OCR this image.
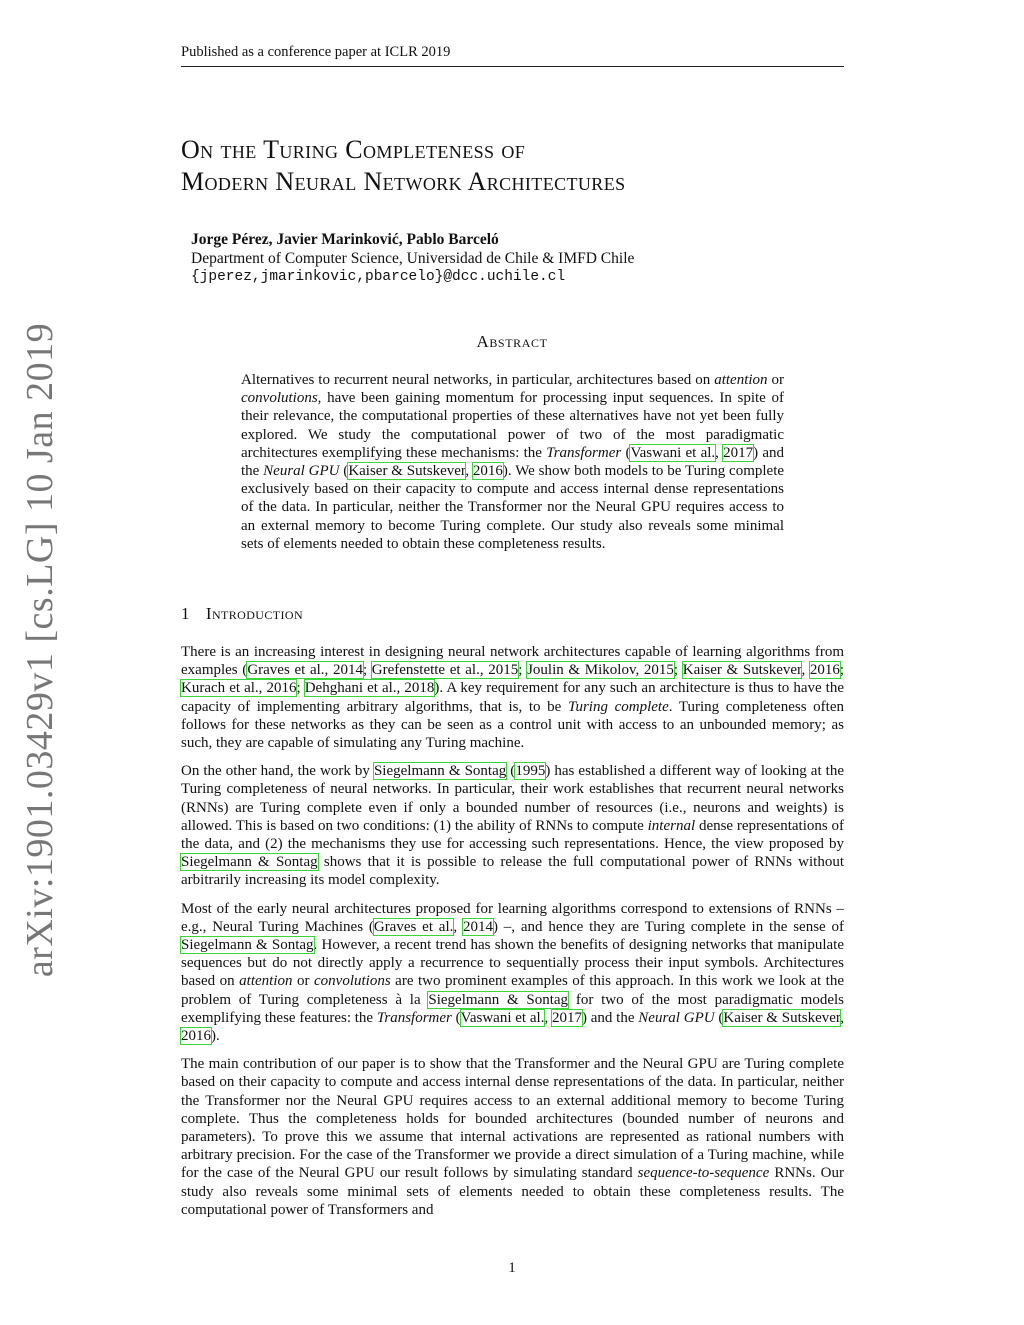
Published as a conference paper at ICLR 2019
arXiv:1901.03429v1 [cs.LG] 10 Jan 2019
On the Turing Completeness of
Modern Neural Network Architectures
Jorge Pérez, Javier Marinković, Pablo Barceló
Department of Computer Science, Universidad de Chile & IMFD Chile
{jperez,jmarinkovic,pbarcelo}@dcc.uchile.cl
Abstract
Alternatives to recurrent neural networks, in particular, architectures based on attention or convolutions, have been gaining momentum for processing input sequences. In spite of their relevance, the computational properties of these alternatives have not yet been fully explored. We study the computational power of two of the most paradigmatic architectures exemplifying these mechanisms: the Transformer (Vaswani et al., 2017) and the Neural GPU (Kaiser & Sutskever, 2016). We show both models to be Turing complete exclusively based on their capacity to compute and access internal dense representations of the data. In particular, neither the Transformer nor the Neural GPU requires access to an external memory to become Turing complete. Our study also reveals some minimal sets of elements needed to obtain these completeness results.
1 Introduction

There is an increasing interest in designing neural network architectures capable of learning algorithms from examples (Graves et al., 2014; Grefenstette et al., 2015; Joulin & Mikolov, 2015; Kaiser & Sutskever, 2016; Kurach et al., 2016; Dehghani et al., 2018). A key requirement for any such an architecture is thus to have the capacity of implementing arbitrary algorithms, that is, to be Turing complete. Turing completeness often follows for these networks as they can be seen as a control unit with access to an unbounded memory; as such, they are capable of simulating any Turing machine.

On the other hand, the work by Siegelmann & Sontag (1995) has established a different way of looking at the Turing completeness of neural networks. In particular, their work establishes that recurrent neural networks (RNNs) are Turing complete even if only a bounded number of resources (i.e., neurons and weights) is allowed. This is based on two conditions: (1) the ability of RNNs to compute internal dense representations of the data, and (2) the mechanisms they use for accessing such representations. Hence, the view proposed by Siegelmann & Sontag shows that it is possible to release the full computational power of RNNs without arbitrarily increasing its model complexity.

Most of the early neural architectures proposed for learning algorithms correspond to extensions of RNNs – e.g., Neural Turing Machines (Graves et al., 2014) –, and hence they are Turing complete in the sense of Siegelmann & Sontag. However, a recent trend has shown the benefits of designing networks that manipulate sequences but do not directly apply a recurrence to sequentially process their input symbols. Architectures based on attention or convolutions are two prominent examples of this approach. In this work we look at the problem of Turing completeness à la Siegelmann & Sontag for two of the most paradigmatic models exemplifying these features: the Transformer (Vaswani et al., 2017) and the Neural GPU (Kaiser & Sutskever, 2016).

The main contribution of our paper is to show that the Transformer and the Neural GPU are Turing complete based on their capacity to compute and access internal dense representations of the data. In particular, neither the Transformer nor the Neural GPU requires access to an external additional memory to become Turing complete. Thus the completeness holds for bounded architectures (bounded number of neurons and parameters). To prove this we assume that internal activations are represented as rational numbers with arbitrary precision. For the case of the Transformer we provide a direct simulation of a Turing machine, while for the case of the Neural GPU our result follows by simulating standard sequence-to-sequence RNNs. Our study also reveals some minimal sets of elements needed to obtain these completeness results. The computational power of Transformers and

1
